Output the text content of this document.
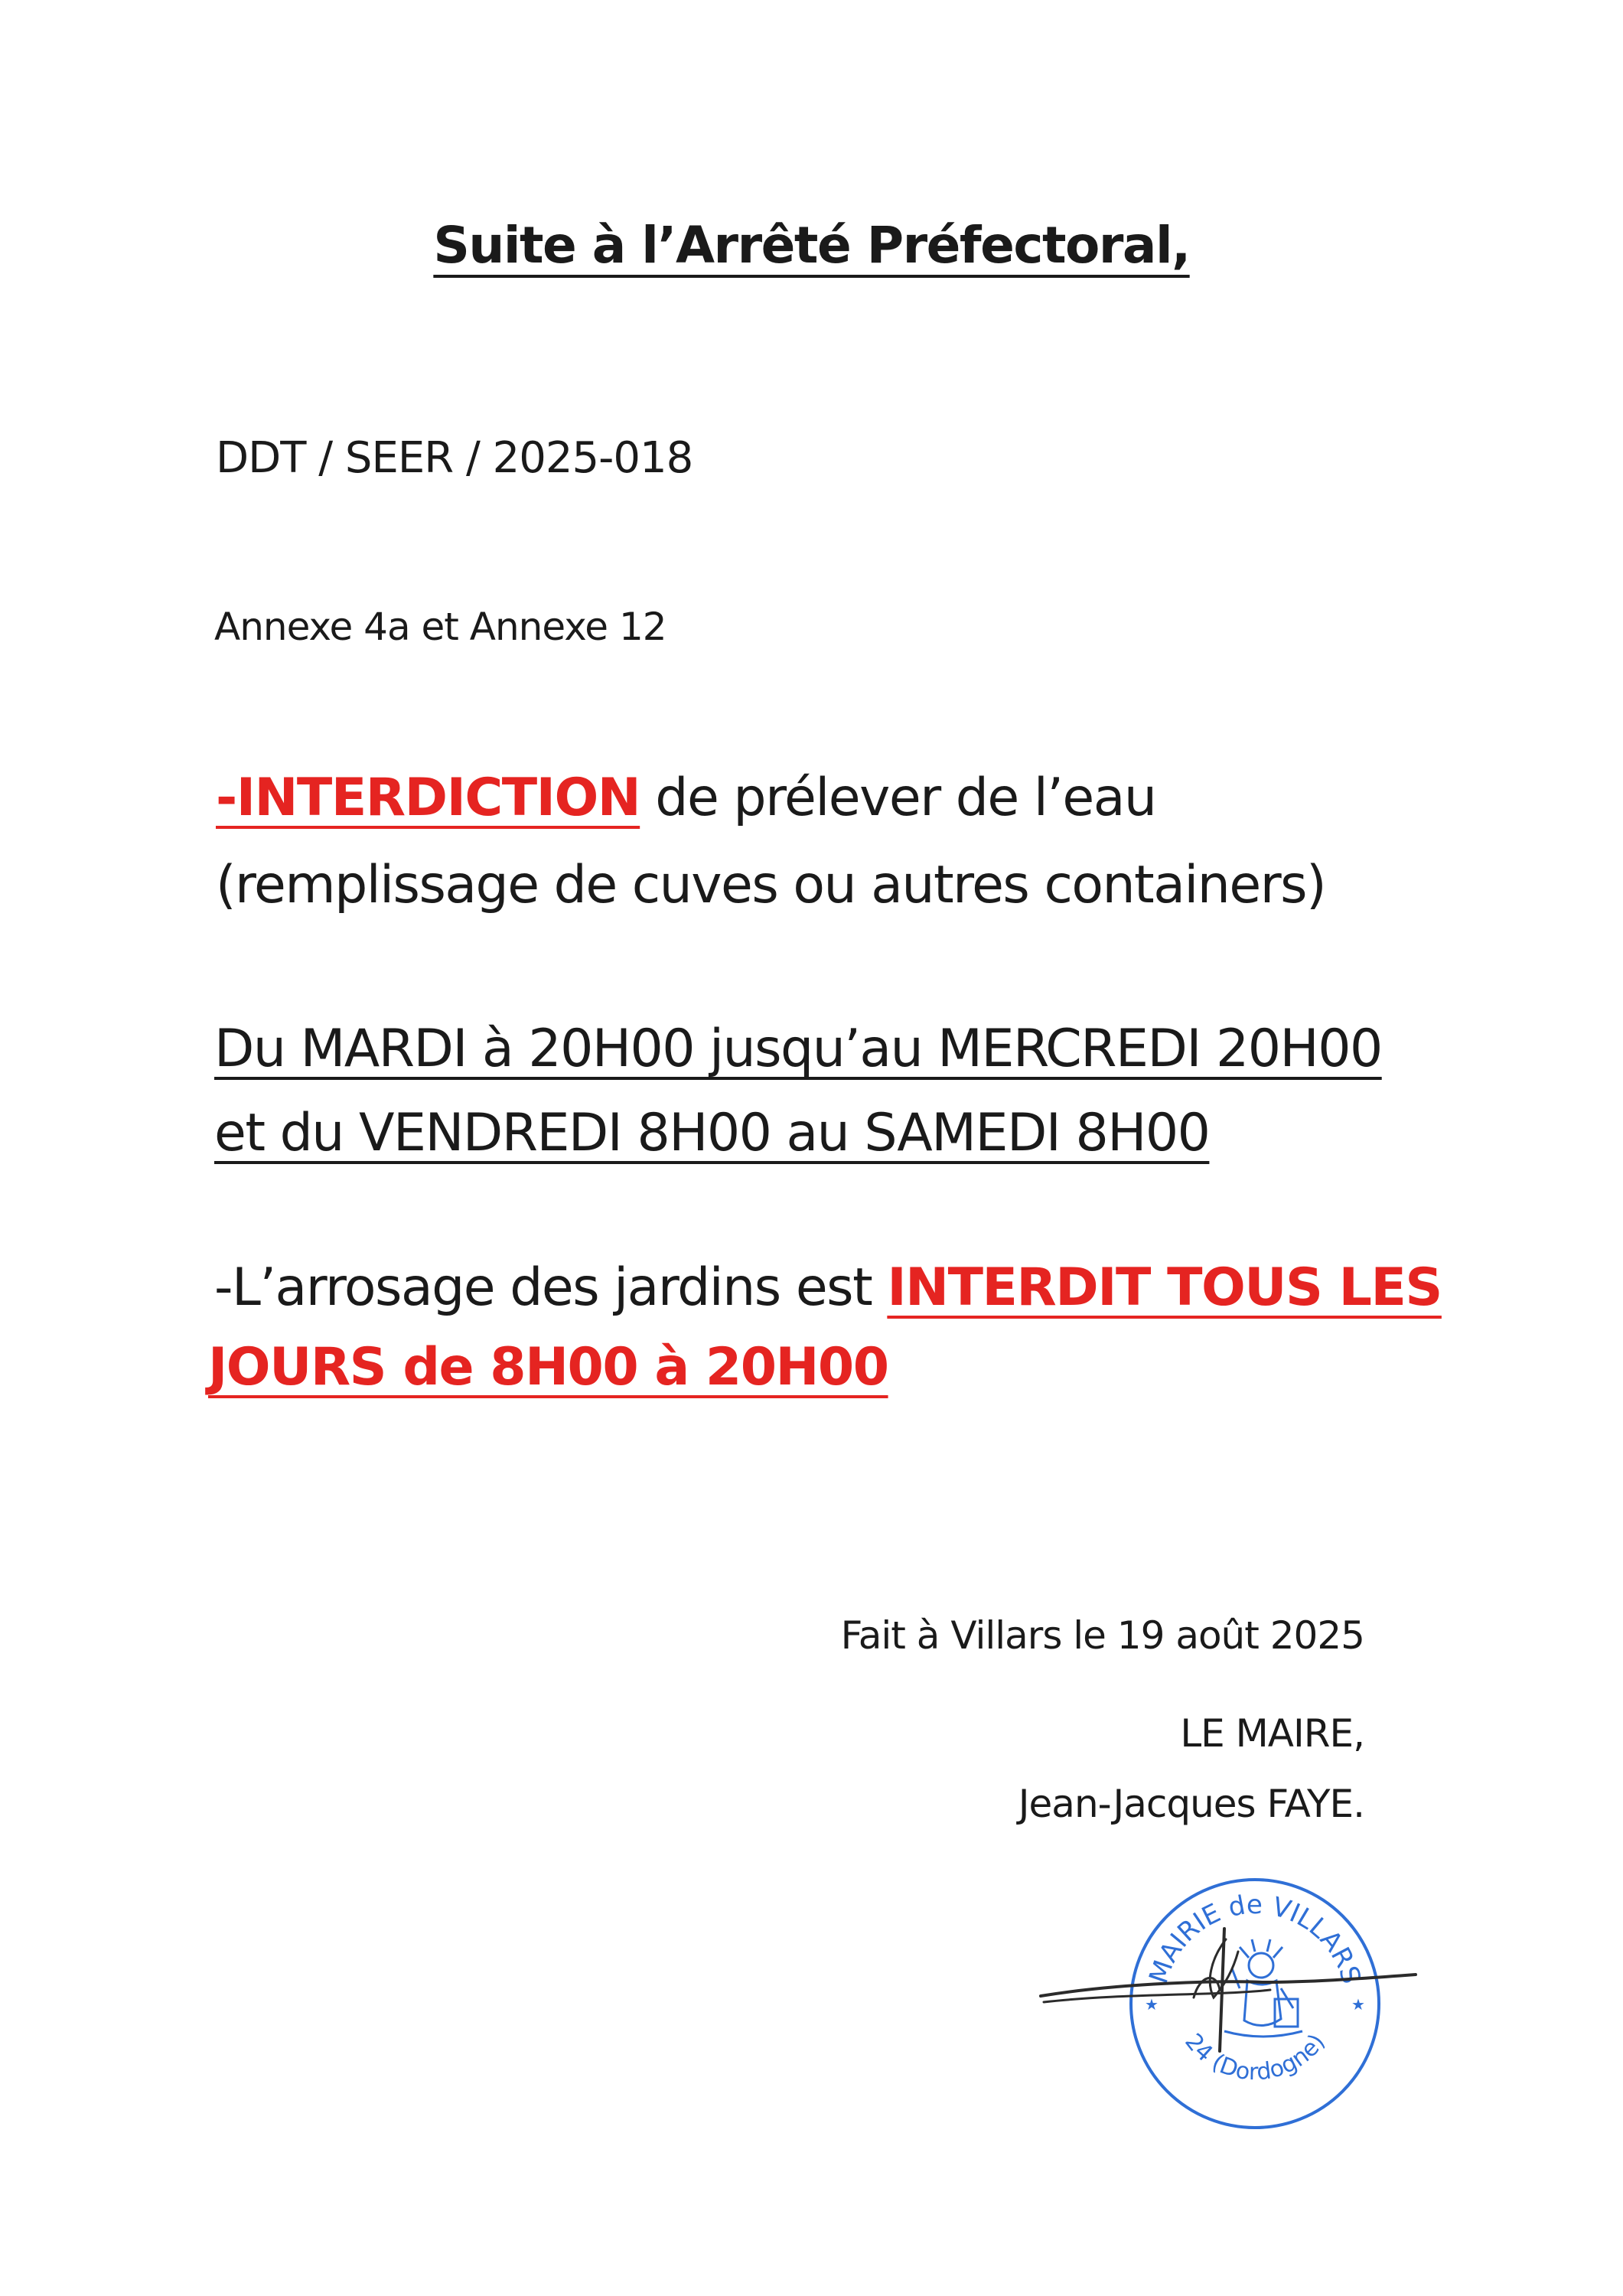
Suite à l’Arrêté Préfectoral,
DDT / SEER / 2025-018
Annexe 4a et Annexe 12
-INTERDICTION de prélever de l’eau
(remplissage de cuves ou autres containers)
Du MARDI à 20H00 jusqu’au MERCREDI 20H00
et du VENDREDI 8H00 au SAMEDI 8H00
-L’arrosage des jardins est INTERDIT TOUS LES
JOURS de 8H00 à 20H00
Fait à Villars le 19 août 2025
LE MAIRE,
Jean-Jacques FAYE.
MAIRIE de VILLARS
24 (Dordogne)
★	★
